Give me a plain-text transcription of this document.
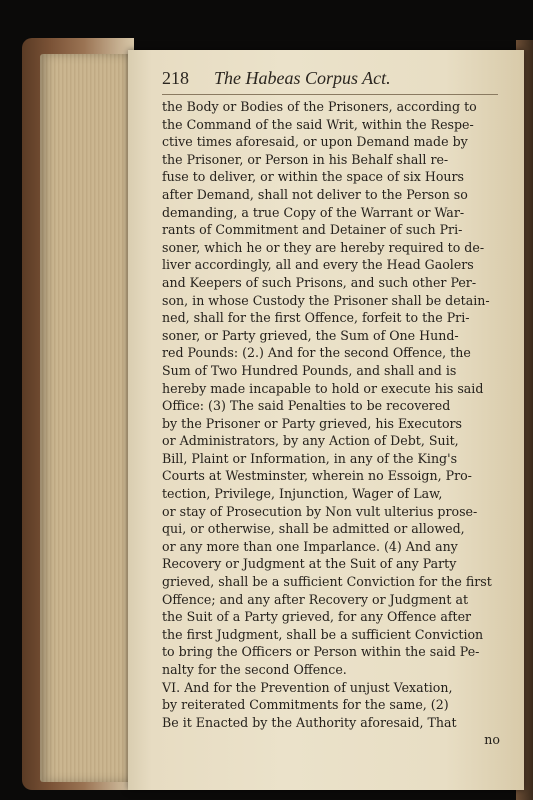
218 The Habeas Corpus Act.
the Body or Bodies of the Prisoners, according to
the Command of the said Writ, within the Respe-
ctive times aforesaid, or upon Demand made by
the Prisoner, or Person in his Behalf shall re-
fuse to deliver, or within the space of six Hours
after Demand, shall not deliver to the Person so
demanding, a true Copy of the Warrant or War-
rants of Commitment and Detainer of such Pri-
soner, which he or they are hereby required to de-
liver accordingly, all and every the Head Gaolers
and Keepers of such Prisons, and such other Per-
son, in whose Custody the Prisoner shall be detain-
ned, shall for the first Offence, forfeit to the Pri-
soner, or Party grieved, the Sum of One Hund-
red Pounds: (2.) And for the second Offence, the
Sum of Two Hundred Pounds, and shall and is
hereby made incapable to hold or execute his said
Office: (3) The said Penalties to be recovered
by the Prisoner or Party grieved, his Executors
or Administrators, by any Action of Debt, Suit,
Bill, Plaint or Information, in any of the King's
Courts at Westminster, wherein no Essoign, Pro-
tection, Privilege, Injunction, Wager of Law,
or stay of Prosecution by Non vult ulterius prose-
qui, or otherwise, shall be admitted or allowed,
or any more than one Imparlance. (4) And any
Recovery or Judgment at the Suit of any Party
grieved, shall be a sufficient Conviction for the first
Offence; and any after Recovery or Judgment at
the Suit of a Party grieved, for any Offence after
the first Judgment, shall be a sufficient Conviction
to bring the Officers or Person within the said Pe-
nalty for the second Offence.
VI. And for the Prevention of unjust Vexation,
by reiterated Commitments for the same, (2)
Be it Enacted by the Authority aforesaid, That
no
